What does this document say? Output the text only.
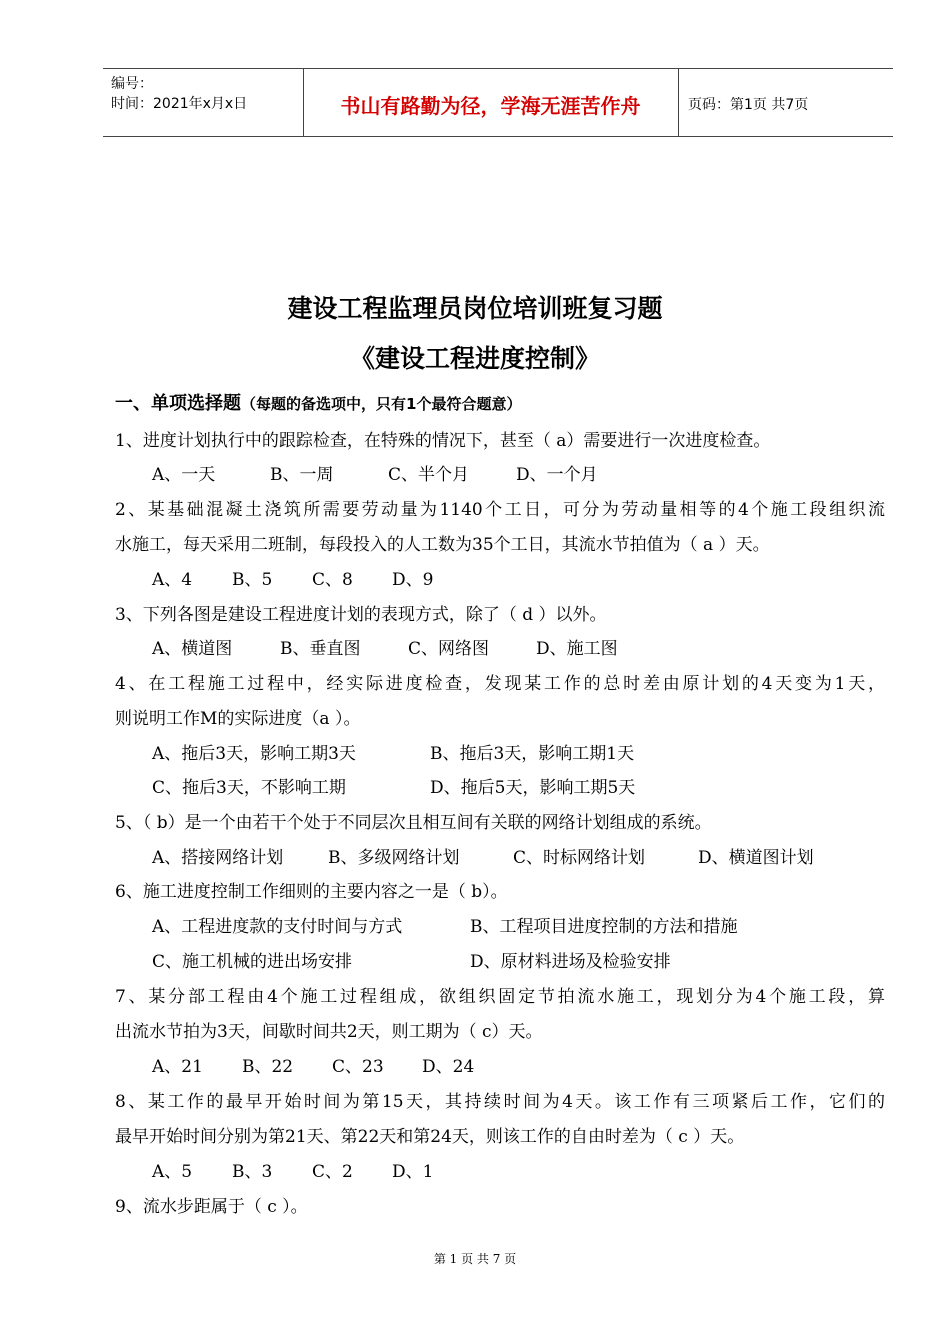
编号：
时间：2021年x月x日	书山有路勤为径，学海无涯苦作舟	页码：第1页 共7页
建设工程监理员岗位培训班复习题
《建设工程进度控制》
一、单项选择题（每题的备选项中，只有1个最符合题意）
1、进度计划执行中的跟踪检查，在特殊的情况下，甚至（ a）需要进行一次进度检查。
A、一天	B、一周	C、半个月	D、一个月
2、某基础混凝土浇筑所需要劳动量为1140个工日，可分为劳动量相等的4个施工段组织流
水施工，每天采用二班制，每段投入的人工数为35个工日，其流水节拍值为（ a ）天。
A、4 B、5 C、8 D、9
3、下列各图是建设工程进度计划的表现方式，除了（ d ）以外。
A、横道图	B、垂直图	C、网络图	D、施工图
4、在工程施工过程中，经实际进度检查，发现某工作的总时差由原计划的4天变为1天，
则说明工作M的实际进度（a ）。
A、拖后3天，影响工期3天	B、拖后3天，影响工期1天
C、拖后3天，不影响工期	D、拖后5天，影响工期5天
5、（ b）是一个由若干个处于不同层次且相互间有关联的网络计划组成的系统。
A、搭接网络计划	B、多级网络计划	C、时标网络计划	D、横道图计划
6、施工进度控制工作细则的主要内容之一是（ b）。
A、工程进度款的支付时间与方式	B、工程项目进度控制的方法和措施
C、施工机械的进出场安排	D、原材料进场及检验安排
7、某分部工程由4个施工过程组成，欲组织固定节拍流水施工，现划分为4个施工段，算
出流水节拍为3天，间歇时间共2天，则工期为（ c）天。
A、21 B、22 C、23 D、24
8、某工作的最早开始时间为第15天，其持续时间为4天。该工作有三项紧后工作，它们的
最早开始时间分别为第21天、第22天和第24天，则该工作的自由时差为（ c ）天。
A、5 B、3 C、2 D、1
9、流水步距属于（ c ）。
第 1 页 共 7 页
